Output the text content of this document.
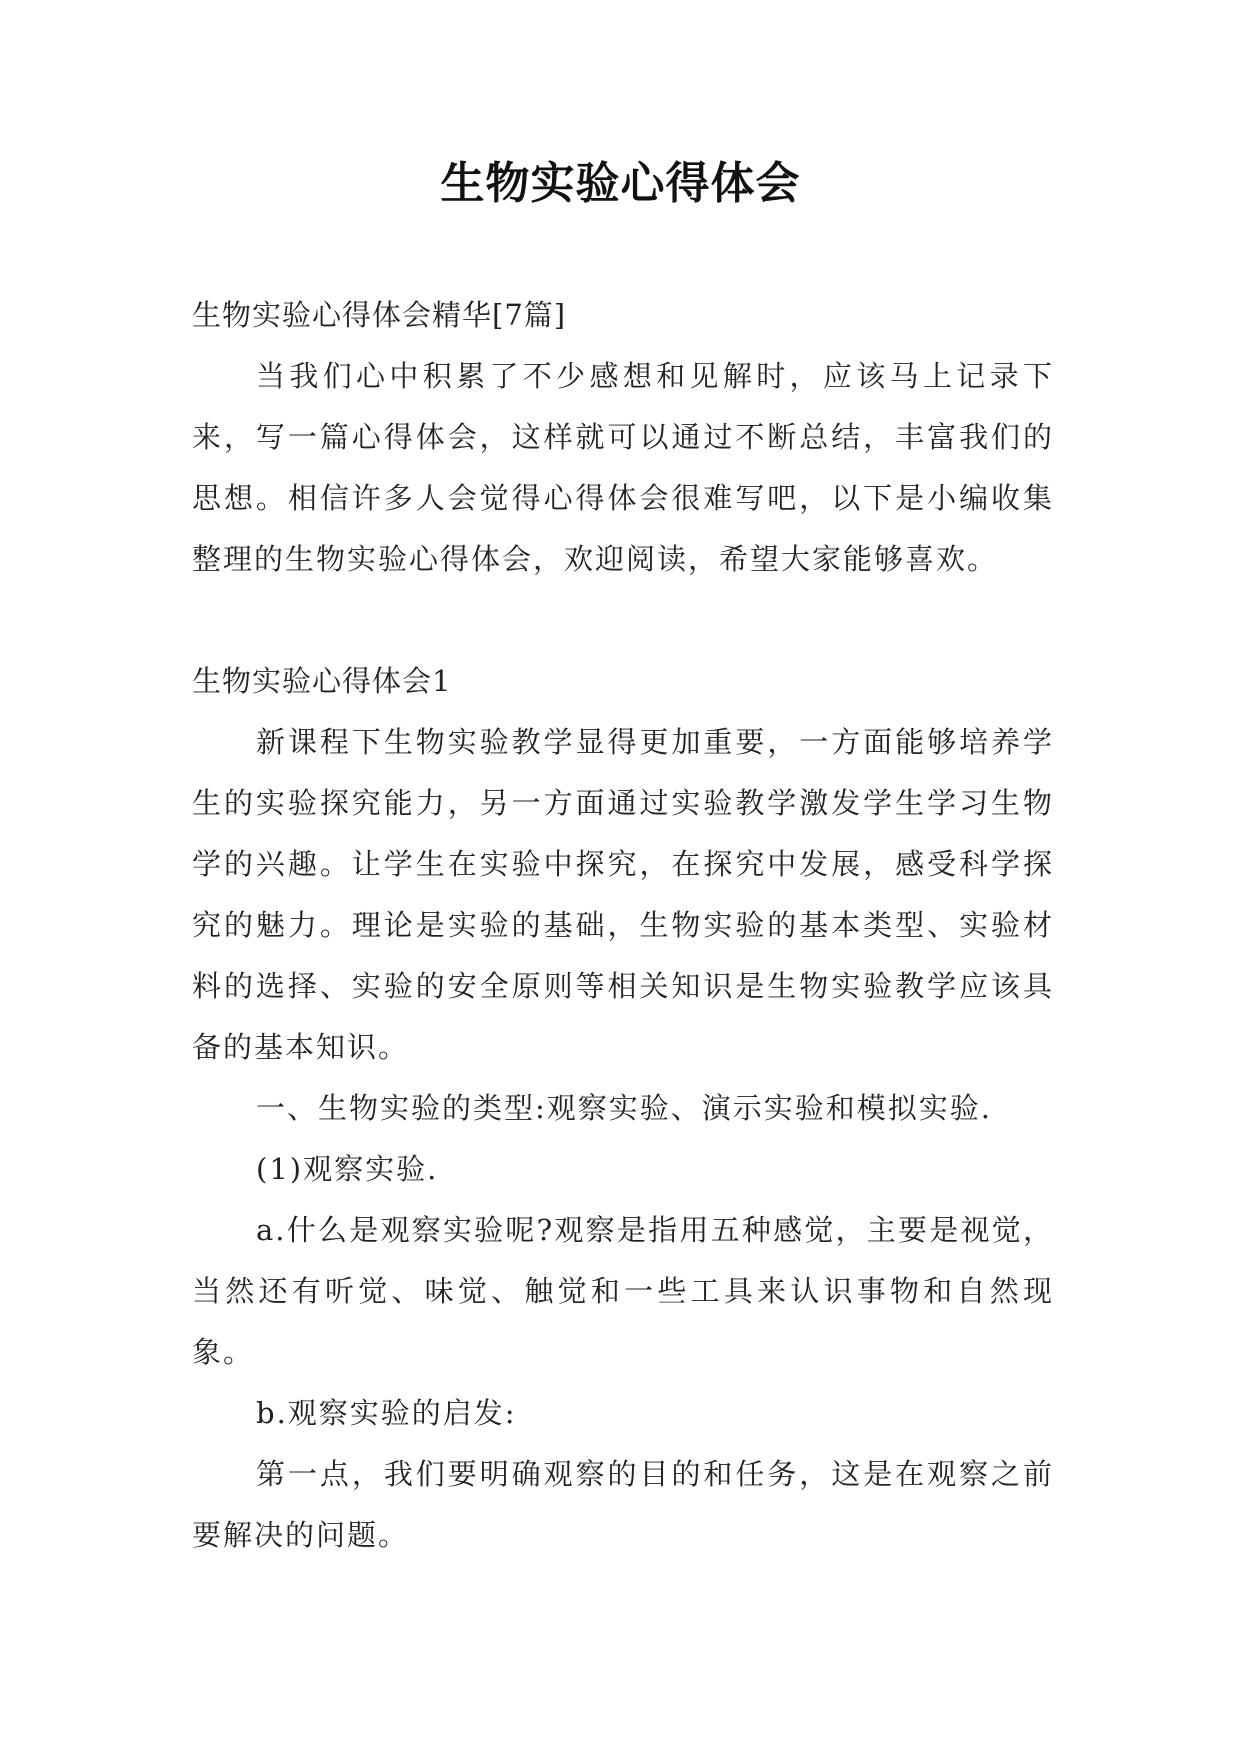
生物实验心得体会

生物实验心得体会精华[7篇]

当我们心中积累了不少感想和见解时，应该马上记录下来，写一篇心得体会，这样就可以通过不断总结，丰富我们的思想。相信许多人会觉得心得体会很难写吧，以下是小编收集整理的生物实验心得体会，欢迎阅读，希望大家能够喜欢。

生物实验心得体会1

新课程下生物实验教学显得更加重要，一方面能够培养学生的实验探究能力，另一方面通过实验教学激发学生学习生物学的兴趣。让学生在实验中探究，在探究中发展，感受科学探究的魅力。理论是实验的基础，生物实验的基本类型、实验材料的选择、实验的安全原则等相关知识是生物实验教学应该具备的基本知识。

一、生物实验的类型:观察实验、演示实验和模拟实验.

(1)观察实验.

a.什么是观察实验呢?观察是指用五种感觉，主要是视觉，当然还有听觉、味觉、触觉和一些工具来认识事物和自然现象。

b.观察实验的启发:

第一点，我们要明确观察的目的和任务，这是在观察之前要解决的问题。
